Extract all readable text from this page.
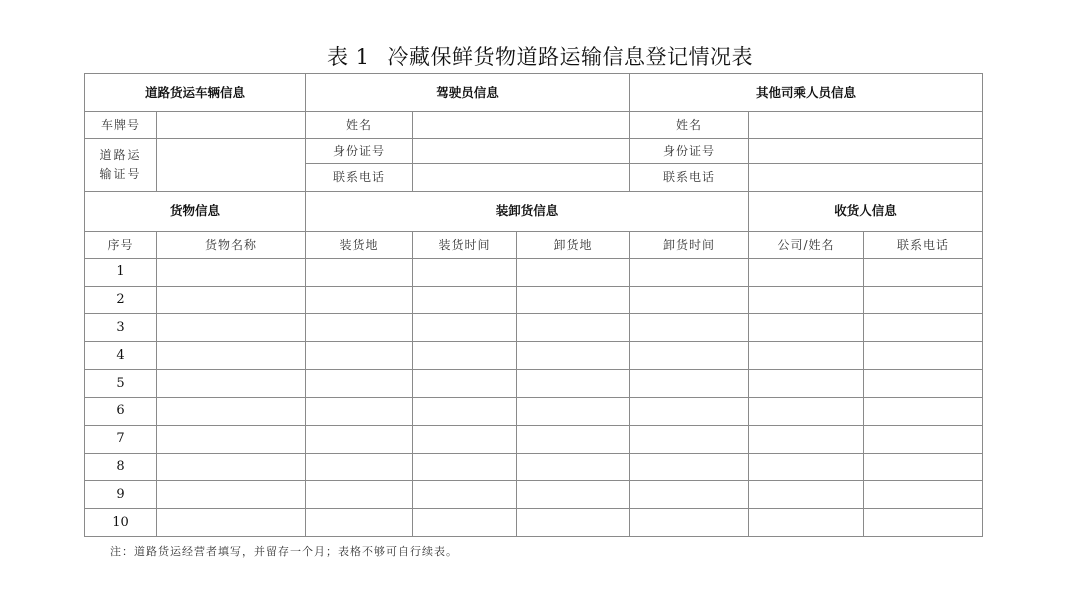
表 1 冷藏保鲜货物道路运输信息登记情况表
道路货运车辆信息		驾驶员信息			其他司乘人员信息		
车牌号		姓名			姓名		
道路运
输证号		身份证号			身份证号		
		联系电话			联系电话		
货物信息		装卸货信息				收货人信息	
序号	货物名称	装货地	装货时间	卸货地	卸货时间	公司/姓名	联系电话
1							
2							
3							
4							
5							
6							
7							
8							
9							
10							
注：道路货运经营者填写，并留存一个月；表格不够可自行续表。
